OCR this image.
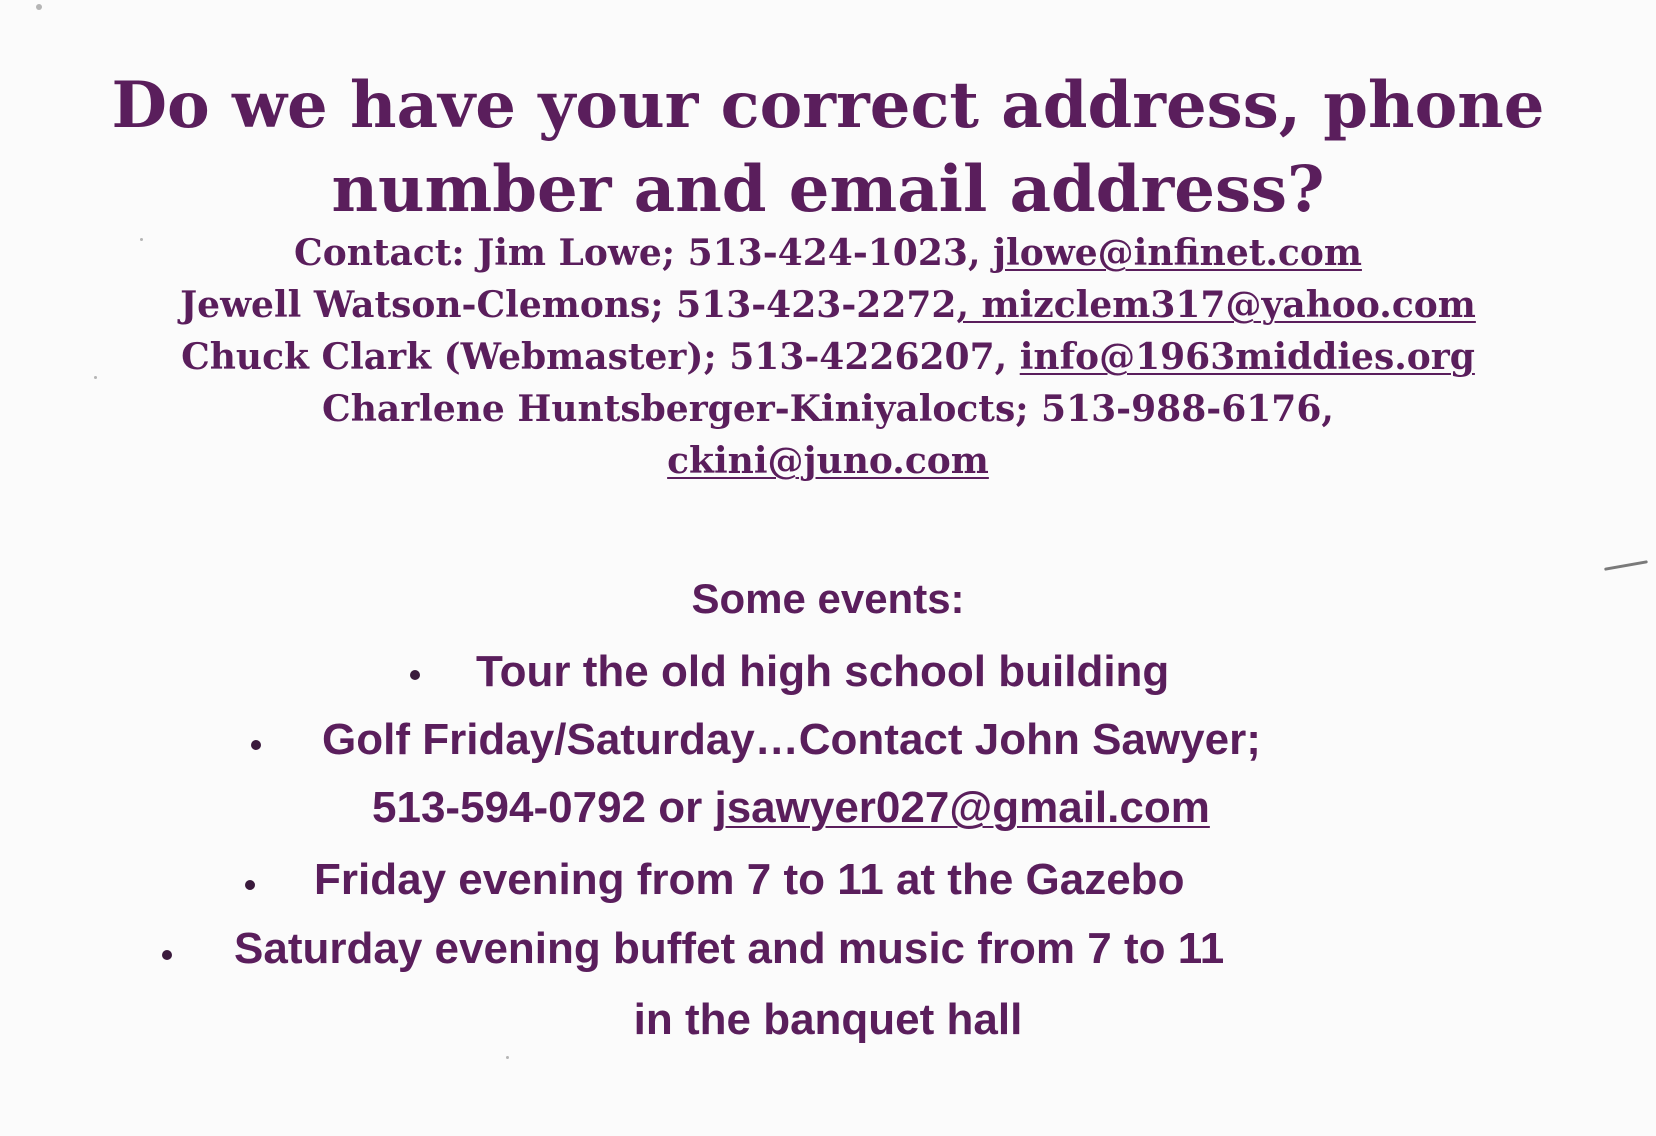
Do we have your correct address, phone
number and email address?
Contact: Jim Lowe; 513-424-1023, jlowe@infinet.com
Jewell Watson-Clemons; 513-423-2272, mizclem317@yahoo.com
Chuck Clark (Webmaster); 513-4226207, info@1963middies.org
Charlene Huntsberger-Kiniyalocts; 513-988-6176,
ckini@juno.com
Some events:
Tour the old high school building
Golf Friday/Saturday…Contact John Sawyer;
513-594-0792 or jsawyer027@gmail.com
Friday evening from 7 to 11 at the Gazebo
Saturday evening buffet and music from 7 to 11
in the banquet hall
